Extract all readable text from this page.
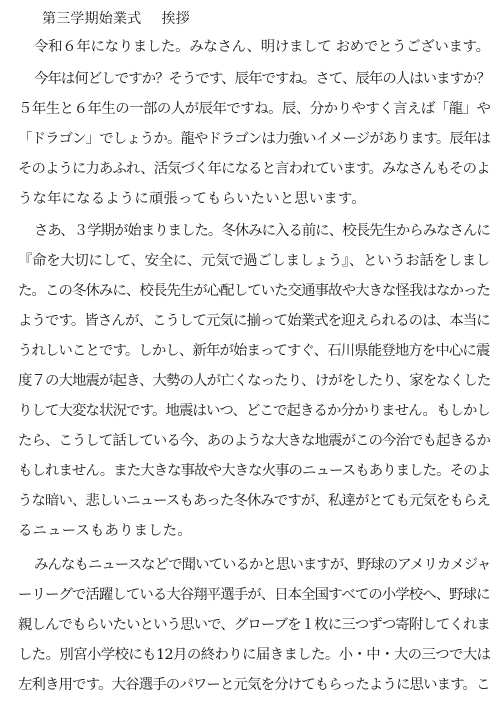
第三学期始業式 挨拶
令和６年になりました。みなさん、明けまして おめでとうございます。
今年は何どしですか？そうです、辰年ですね。さて、辰年の人はいますか？
５年生と６年生の一部の人が辰年ですね。辰、分かりやすく言えば「龍」や
「ドラゴン」でしょうか。龍やドラゴンは力強いイメージがあります。辰年は
そのように力あふれ、活気づく年になると言われています。みなさんもそのよ
うな年になるように頑張ってもらいたいと思います。
さあ、３学期が始まりました。冬休みに入る前に、校長先生からみなさんに
『命を大切にして、安全に、元気で過ごしましょう』、というお話をしまし
た。この冬休みに、校長先生が心配していた交通事故や大きな怪我はなかった
ようです。皆さんが、こうして元気に揃って始業式を迎えられるのは、本当に
うれしいことです。しかし、新年が始まってすぐ、石川県能登地方を中心に震
度７の大地震が起き、大勢の人が亡くなったり、けがをしたり、家をなくした
りして大変な状況です。地震はいつ、どこで起きるか分かりません。もしかし
たら、こうして話している今、あのような大きな地震がこの今治でも起きるか
もしれません。また大きな事故や大きな火事のニュースもありました。そのよ
うな暗い、悲しいニュースもあった冬休みですが、私達がとても元気をもらえ
るニュースもありました。
みんなもニュースなどで聞いているかと思いますが、野球のアメリカメジャ
ーリーグで活躍している大谷翔平選手が、日本全国すべての小学校へ、野球に
親しんでもらいたいという思いで、グローブを１枚に三つずつ寄附してくれま
した。別宮小学校にも12月の終わりに届きました。小・中・大の三つで大は
左利き用です。大谷選手のパワーと元気を分けてもらったように思います。こ
